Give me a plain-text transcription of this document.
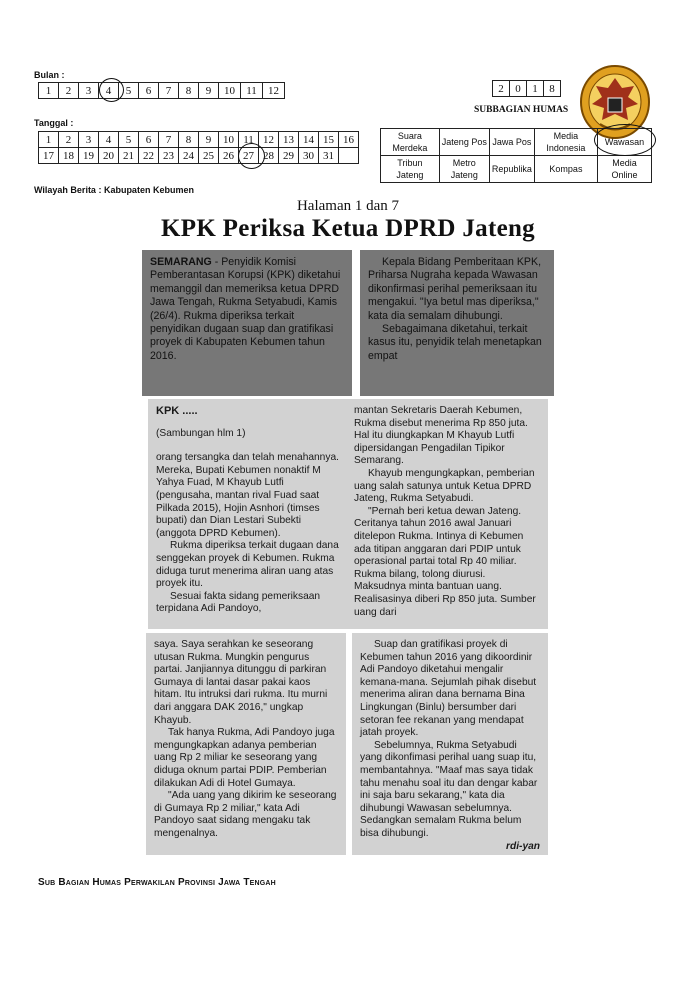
Bulan :
1	2	3	4	5	6	7	8	9	10	11	12
Tanggal :
1	2	3	4	5	6	7	8	9	10	11	12	13	14	15	16
17	18	19	20	21	22	23	24	25	26	27	28	29	30	31	
2	0	1	8
SUBBAGIAN HUMAS
Suara Merdeka	Jateng Pos	Jawa Pos	Media Indonesia	Wawasan
Tribun Jateng	Metro Jateng	Republika	Kompas	Media Online
Wilayah Berita : Kabupaten Kebumen
Halaman 1 dan 7
KPK Periksa Ketua DPRD Jateng

SEMARANG - Penyidik Komisi Pemberantasan Korupsi (KPK) diketahui memanggil dan memeriksa ketua DPRD Jawa Tengah, Rukma Setyabudi, Kamis (26/4). Rukma diperiksa terkait penyidikan dugaan suap dan gratifikasi proyek di Kabupaten Kebumen tahun 2016.

Kepala Bidang Pemberitaan KPK, Priharsa Nugraha kepada Wawasan dikonfirmasi perihal pemeriksaan itu mengakui. "Iya betul mas diperiksa," kata dia semalam dihubungi.

Sebagaimana diketahui, terkait kasus itu, penyidik telah menetapkan empat

KPK .....

(Sambungan hlm 1)

orang tersangka dan telah menahannya. Mereka, Bupati Kebumen nonaktif M Yahya Fuad, M Khayub Lutfi (pengusaha, mantan rival Fuad saat Pilkada 2015), Hojin Asnhori (timses bupati) dan Dian Lestari Subekti (anggota DPRD Kebumen).

Rukma diperiksa terkait dugaan dana senggekan proyek di Kebumen. Rukma diduga turut menerima aliran uang atas proyek itu.

Sesuai fakta sidang pemeriksaan terpidana Adi Pandoyo,

mantan Sekretaris Daerah Kebumen, Rukma disebut menerima Rp 850 juta. Hal itu diungkapkan M Khayub Lutfi dipersidangan Pengadilan Tipikor Semarang.

Khayub mengungkapkan, pemberian uang salah satunya untuk Ketua DPRD Jateng, Rukma Setyabudi.

"Pernah beri ketua dewan Jateng. Ceritanya tahun 2016 awal Januari ditelepon Rukma. Intinya di Kebumen ada titipan anggaran dari PDIP untuk operasional partai total Rp 40 miliar. Rukma bilang, tolong diurusi. Maksudnya minta bantuan uang. Realisasinya diberi Rp 850 juta. Sumber uang dari

saya. Saya serahkan ke seseorang utusan Rukma. Mungkin pengurus partai. Janjiannya ditunggu di parkiran Gumaya di lantai dasar pakai kaos hitam. Itu intruksi dari rukma. Itu murni dari anggara DAK 2016," ungkap Khayub.

Tak hanya Rukma, Adi Pandoyo juga mengungkapkan adanya pemberian uang Rp 2 miliar ke seseorang yang diduga oknum partai PDIP. Pemberian dilakukan Adi di Hotel Gumaya.

"Ada uang yang dikirim ke seseorang di Gumaya Rp 2 miliar," kata Adi Pandoyo saat sidang mengaku tak mengenalnya.

Suap dan gratifikasi proyek di Kebumen tahun 2016 yang dikoordinir Adi Pandoyo diketahui mengalir kemana-mana. Sejumlah pihak disebut menerima aliran dana bernama Bina Lingkungan (Binlu) bersumber dari setoran fee rekanan yang mendapat jatah proyek.

Sebelumnya, Rukma Setyabudi yang dikonfimasi perihal uang suap itu, membantahnya. "Maaf mas saya tidak tahu menahu soal itu dan dengar kabar ini saja baru sekarang," kata dia dihubungi Wawasan sebelumnya. Sedangkan semalam Rukma belum bisa dihubungi.

rdi-yan

Sub Bagian Humas Perwakilan Provinsi Jawa Tengah
